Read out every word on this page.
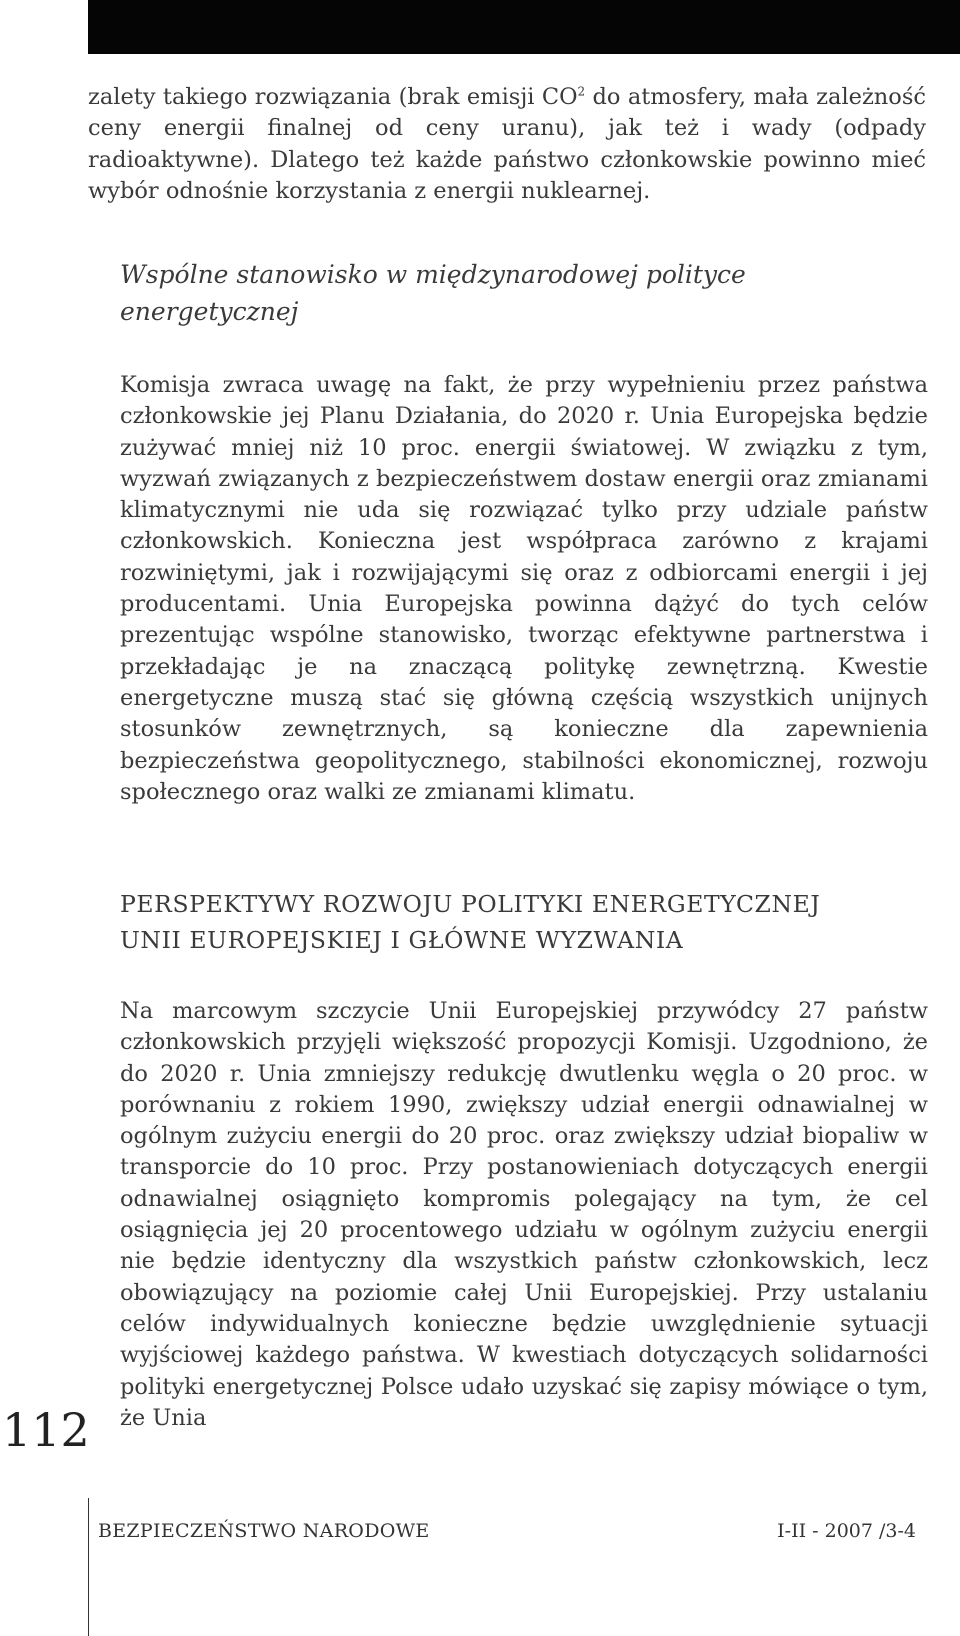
zalety takiego rozwiązania (brak emisji $CO^2$ do atmosfery, mała zależność ceny energii finalnej od ceny uranu), jak też i wady (odpady radioaktywne). Dlatego też każde państwo członkowskie powinno mieć wybór odnośnie korzystania z energii nuklearnej.

Wspólne stanowisko w międzynarodowej polityce energetycznej

Komisja zwraca uwagę na fakt, że przy wypełnieniu przez państwa członkowskie jej Planu Działania, do 2020 r. Unia Europejska będzie zużywać mniej niż 10 proc. energii światowej. W związku z tym, wyzwań związanych z bezpieczeństwem dostaw energii oraz zmianami klimatycznymi nie uda się rozwiązać tylko przy udziale państw członkowskich. Konieczna jest współpraca zarówno z krajami rozwiniętymi, jak i rozwijającymi się oraz z odbiorcami energii i jej producentami. Unia Europejska powinna dążyć do tych celów prezentując wspólne stanowisko, tworząc efektywne partnerstwa i przekładając je na znaczącą politykę zewnętrzną. Kwestie energetyczne muszą stać się główną częścią wszystkich unijnych stosunków zewnętrznych, są konieczne dla zapewnienia bezpieczeństwa geopolitycznego, stabilności ekonomicznej, rozwoju społecznego oraz walki ze zmianami klimatu.

PERSPEKTYWY ROZWOJU POLITYKI ENERGETYCZNEJ
UNII EUROPEJSKIEJ I GŁÓWNE WYZWANIA

Na marcowym szczycie Unii Europejskiej przywódcy 27 państw członkowskich przyjęli większość propozycji Komisji. Uzgodniono, że do 2020 r. Unia zmniejszy redukcję dwutlenku węgla o 20 proc. w porównaniu z rokiem 1990, zwiększy udział energii odnawialnej w ogólnym zużyciu energii do 20 proc. oraz zwiększy udział biopaliw w transporcie do 10 proc. Przy postanowieniach dotyczących energii odnawialnej osiągnięto kompromis polegający na tym, że cel osiągnięcia jej 20 procentowego udziału w ogólnym zużyciu energii nie będzie identyczny dla wszystkich państw członkowskich, lecz obowiązujący na poziomie całej Unii Europejskiej. Przy ustalaniu celów indywidualnych konieczne będzie uwzględnienie sytuacji wyjściowej każdego państwa. W kwestiach dotyczących solidarności polityki energetycznej Polsce udało uzyskać się zapisy mówiące o tym, że Unia

112
BEZPIECZEŃSTWO NARODOWE	I-II - 2007 /3-4
